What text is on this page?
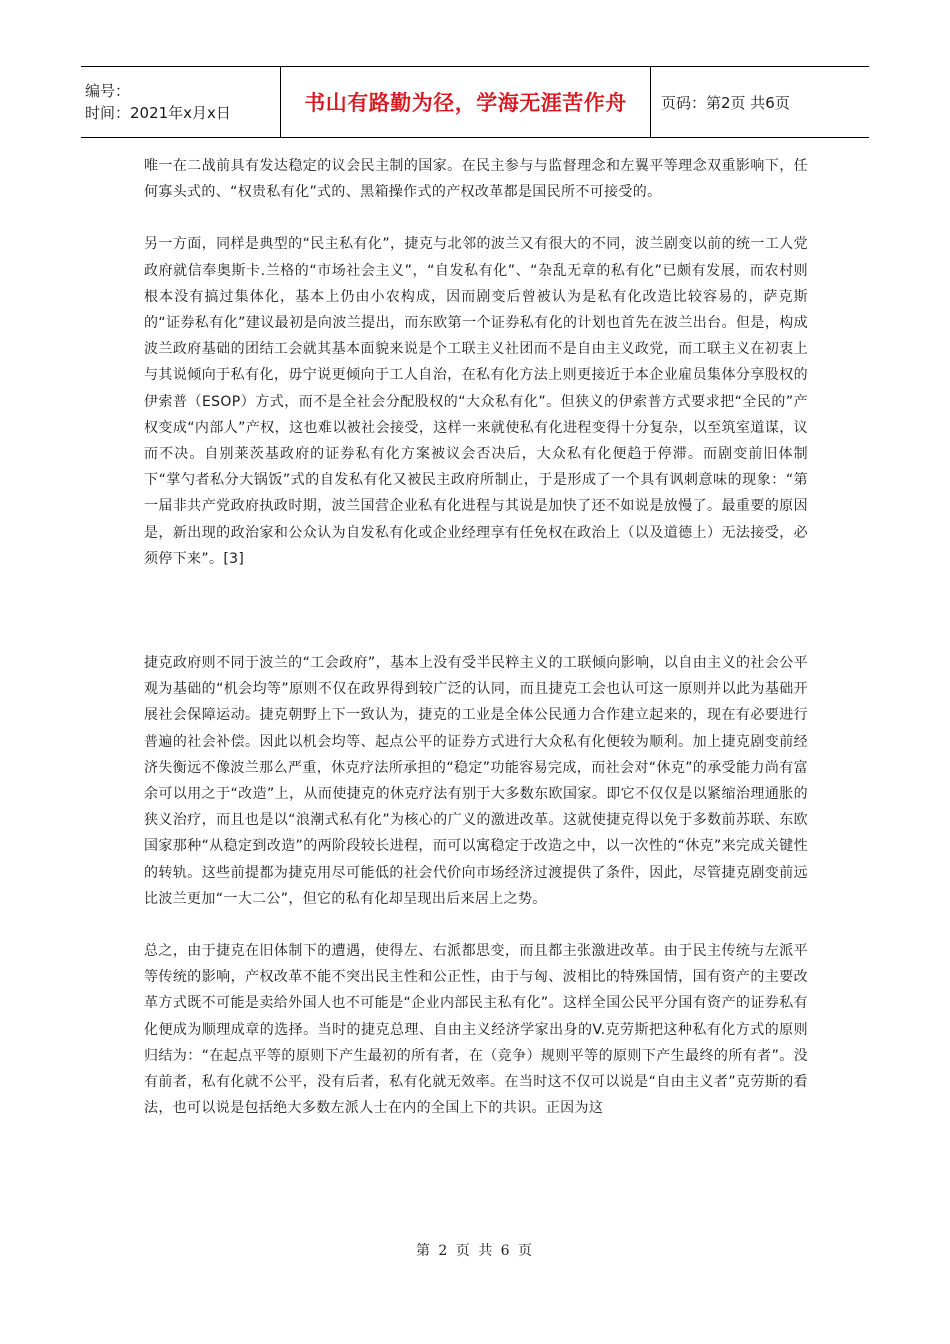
编号：
时间：2021年x月x日	书山有路勤为径，学海无涯苦作舟 页码：第2页 共6页

唯一在二战前具有发达稳定的议会民主制的国家。在民主参与与监督理念和左翼平等理念双重影响下，任何寡头式的、“权贵私有化”式的、黑箱操作式的产权改革都是国民所不可接受的。

另一方面，同样是典型的“民主私有化”，捷克与北邻的波兰又有很大的不同，波兰剧变以前的统一工人党政府就信奉奥斯卡.兰格的“市场社会主义”，“自发私有化”、“杂乱无章的私有化”已颇有发展，而农村则根本没有搞过集体化，基本上仍由小农构成，因而剧变后曾被认为是私有化改造比较容易的，萨克斯的“证券私有化”建议最初是向波兰提出，而东欧第一个证券私有化的计划也首先在波兰出台。但是，构成波兰政府基础的团结工会就其基本面貌来说是个工联主义社团而不是自由主义政党，而工联主义在初衷上与其说倾向于私有化，毋宁说更倾向于工人自治，在私有化方法上则更接近于本企业雇员集体分享股权的伊索普（ESOP）方式，而不是全社会分配股权的“大众私有化”。但狭义的伊索普方式要求把“全民的”产权变成“内部人”产权，这也难以被社会接受，这样一来就使私有化进程变得十分复杂，以至筑室道谋，议而不决。自别莱茨基政府的证券私有化方案被议会否决后，大众私有化便趋于停滞。而剧变前旧体制下“掌勺者私分大锅饭”式的自发私有化又被民主政府所制止，于是形成了一个具有讽刺意味的现象：“第一届非共产党政府执政时期，波兰国营企业私有化进程与其说是加快了还不如说是放慢了。最重要的原因是，新出现的政治家和公众认为自发私有化或企业经理享有任免权在政治上（以及道德上）无法接受，必须停下来”。[3]

捷克政府则不同于波兰的“工会政府”，基本上没有受半民粹主义的工联倾向影响，以自由主义的社会公平观为基础的“机会均等”原则不仅在政界得到较广泛的认同，而且捷克工会也认可这一原则并以此为基础开展社会保障运动。捷克朝野上下一致认为，捷克的工业是全体公民通力合作建立起来的，现在有必要进行普遍的社会补偿。因此以机会均等、起点公平的证券方式进行大众私有化便较为顺利。加上捷克剧变前经济失衡远不像波兰那么严重，休克疗法所承担的“稳定”功能容易完成，而社会对“休克”的承受能力尚有富余可以用之于“改造”上，从而使捷克的休克疗法有别于大多数东欧国家。即它不仅仅是以紧缩治理通胀的狭义治疗，而且也是以“浪潮式私有化”为核心的广义的激进改革。这就使捷克得以免于多数前苏联、东欧国家那种“从稳定到改造”的两阶段较长进程，而可以寓稳定于改造之中，以一次性的“休克”来完成关键性的转轨。这些前提都为捷克用尽可能低的社会代价向市场经济过渡提供了条件，因此，尽管捷克剧变前远比波兰更加“一大二公”，但它的私有化却呈现出后来居上之势。

总之，由于捷克在旧体制下的遭遇，使得左、右派都思变，而且都主张激进改革。由于民主传统与左派平等传统的影响，产权改革不能不突出民主性和公正性，由于与匈、波相比的特殊国情，国有资产的主要改革方式既不可能是卖给外国人也不可能是“企业内部民主私有化”。这样全国公民平分国有资产的证券私有化便成为顺理成章的选择。当时的捷克总理、自由主义经济学家出身的V.克劳斯把这种私有化方式的原则归结为：“在起点平等的原则下产生最初的所有者，在（竞争）规则平等的原则下产生最终的所有者”。没有前者，私有化就不公平，没有后者，私有化就无效率。在当时这不仅可以说是“自由主义者”克劳斯的看法，也可以说是包括绝大多数左派人士在内的全国上下的共识。正因为这

第 2 页 共 6 页
